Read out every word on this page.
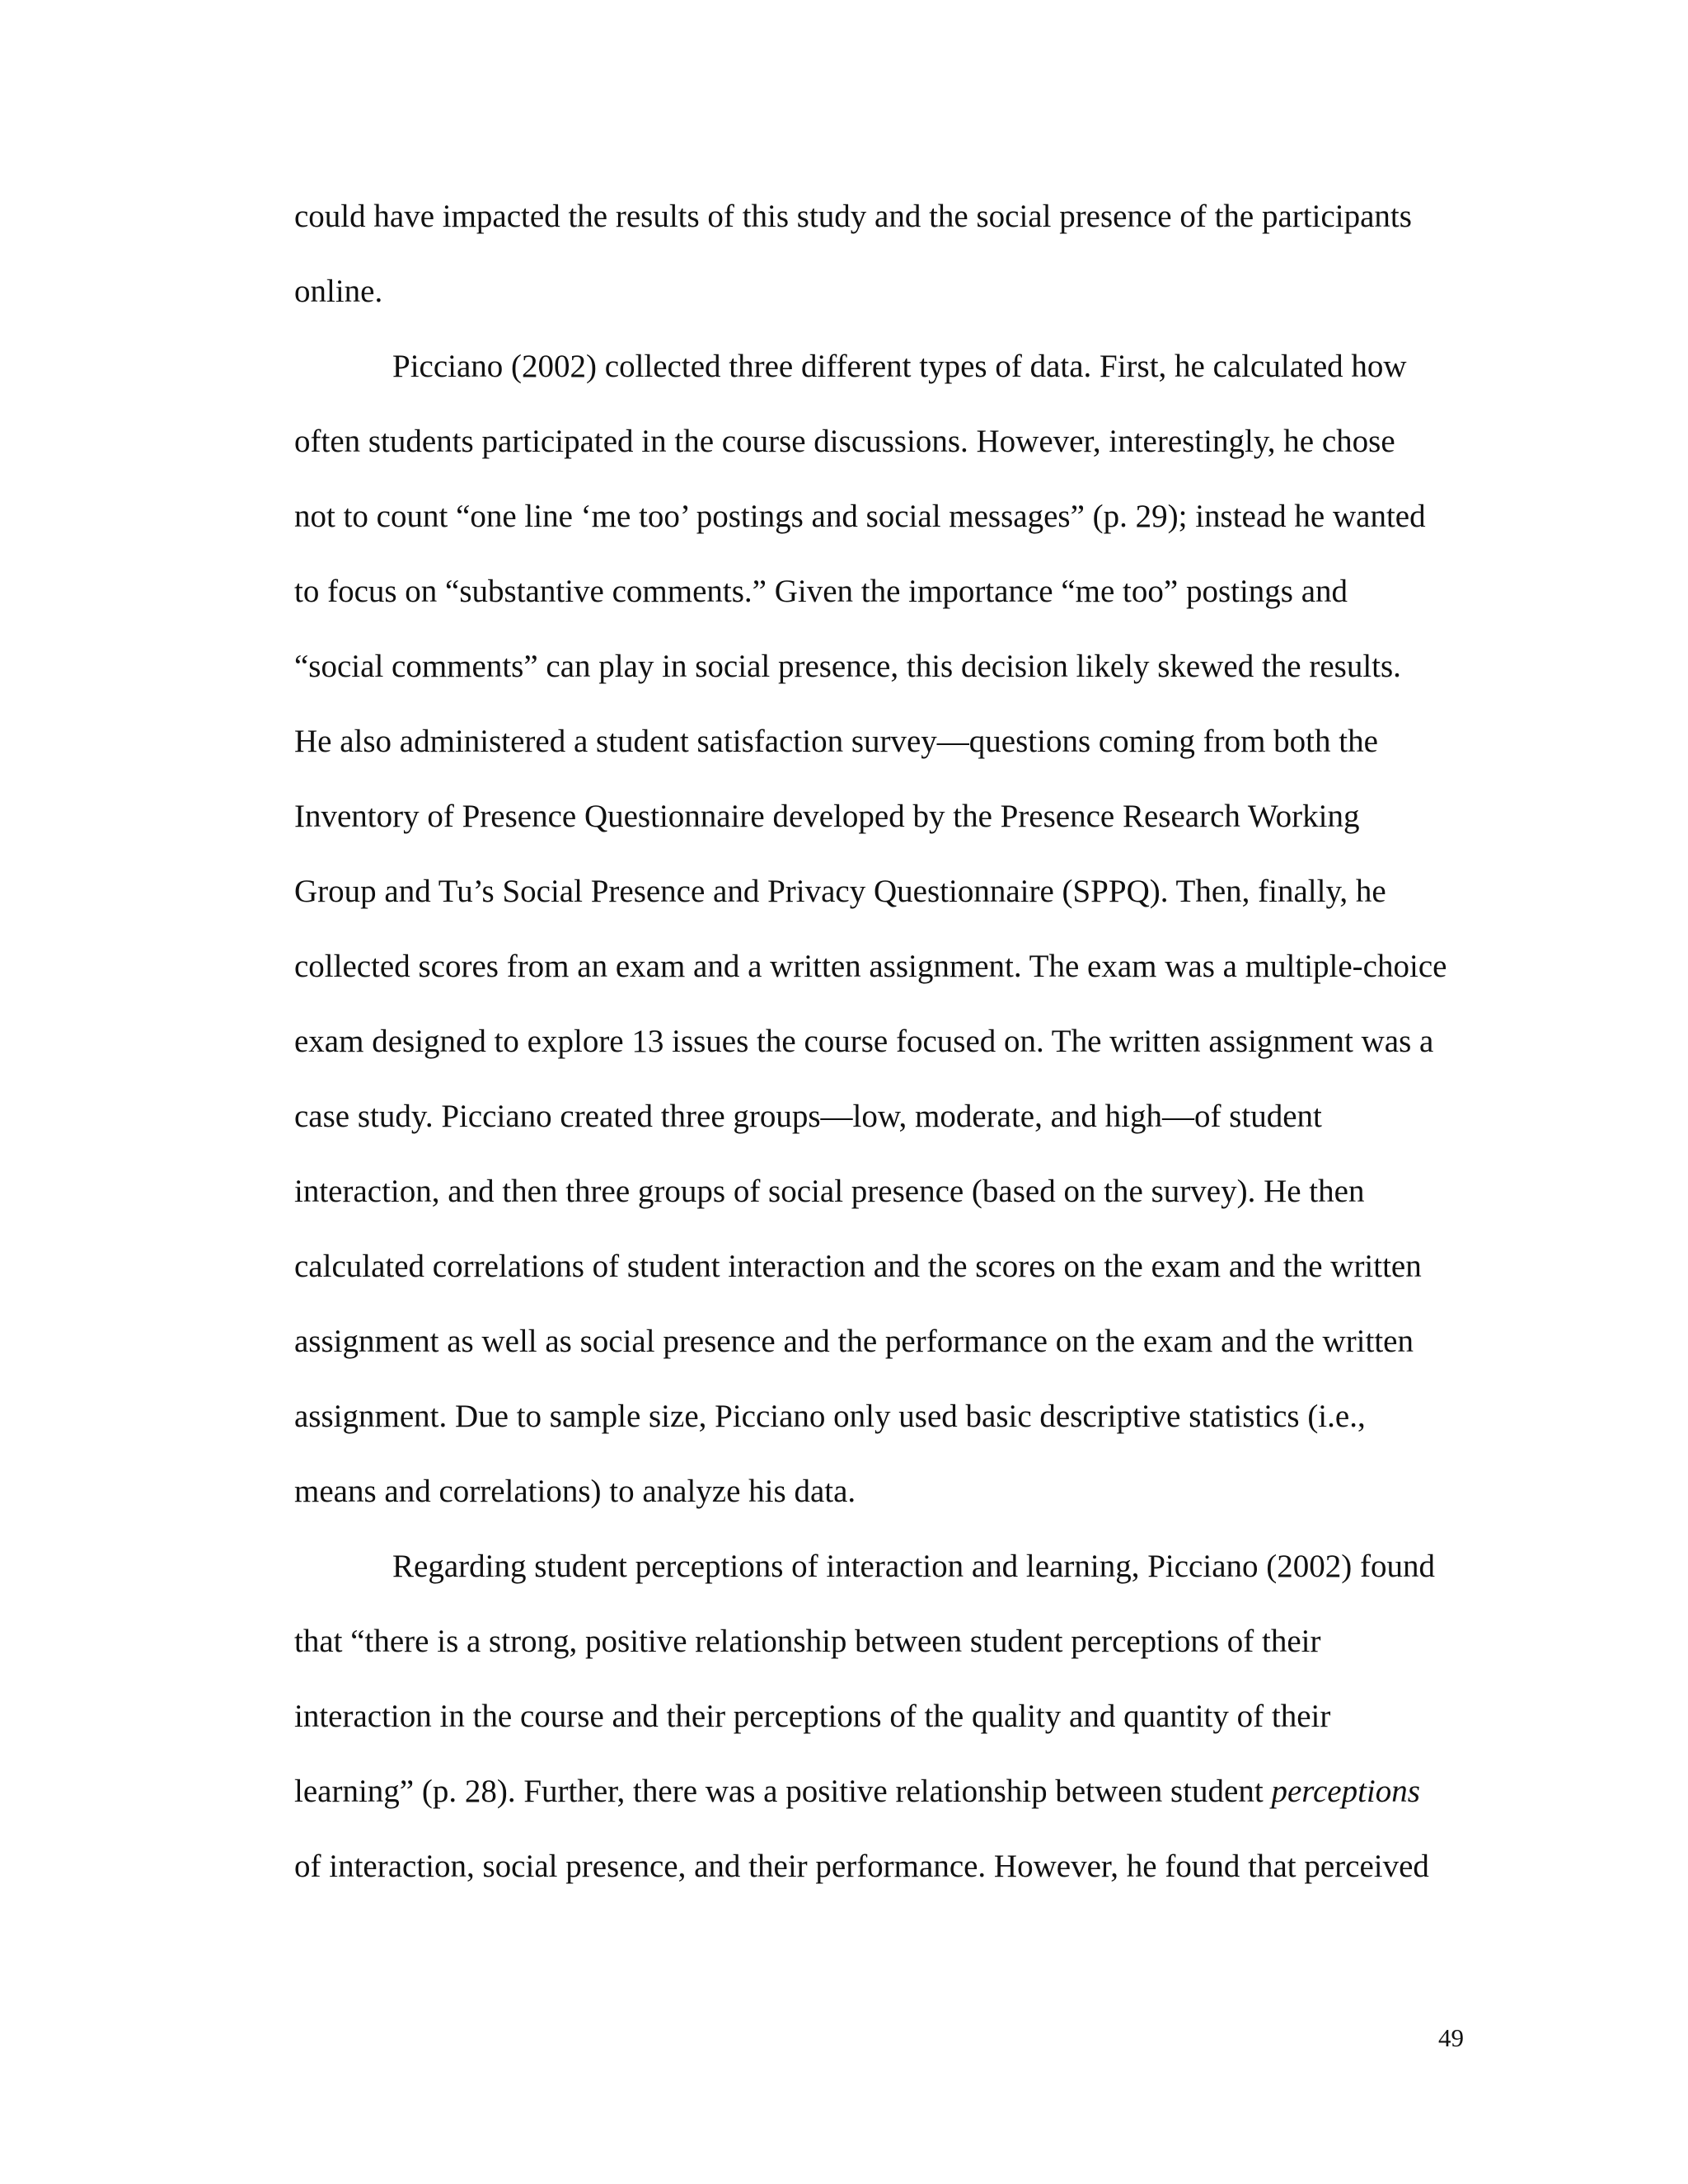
could have impacted the results of this study and the social presence of the participants
online.
Picciano (2002) collected three different types of data. First, he calculated how
often students participated in the course discussions. However, interestingly, he chose
not to count “one line ‘me too’ postings and social messages” (p. 29); instead he wanted
to focus on “substantive comments.” Given the importance “me too” postings and
“social comments” can play in social presence, this decision likely skewed the results.
He also administered a student satisfaction survey—questions coming from both the
Inventory of Presence Questionnaire developed by the Presence Research Working
Group and Tu’s Social Presence and Privacy Questionnaire (SPPQ). Then, finally, he
collected scores from an exam and a written assignment. The exam was a multiple-choice
exam designed to explore 13 issues the course focused on. The written assignment was a
case study. Picciano created three groups—low, moderate, and high—of student
interaction, and then three groups of social presence (based on the survey). He then
calculated correlations of student interaction and the scores on the exam and the written
assignment as well as social presence and the performance on the exam and the written
assignment. Due to sample size, Picciano only used basic descriptive statistics (i.e.,
means and correlations) to analyze his data.
Regarding student perceptions of interaction and learning, Picciano (2002) found
that “there is a strong, positive relationship between student perceptions of their
interaction in the course and their perceptions of the quality and quantity of their
learning” (p. 28). Further, there was a positive relationship between student perceptions
of interaction, social presence, and their performance. However, he found that perceived
49
